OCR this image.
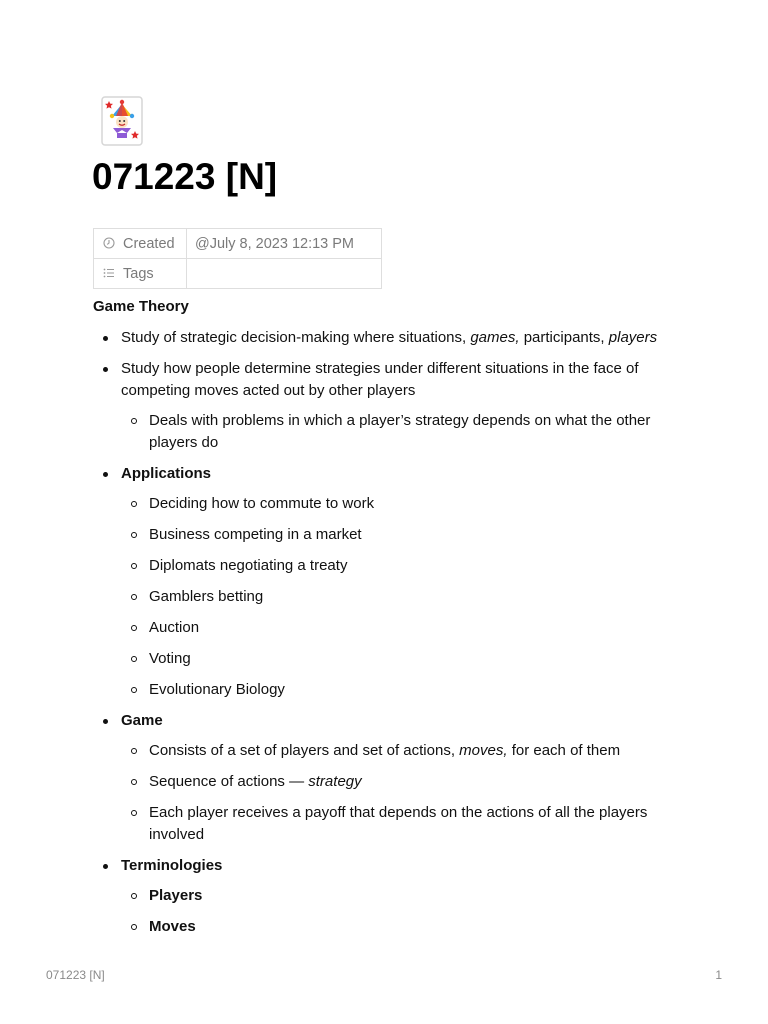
071223 [N]
Created	@July 8, 2023 12:13 PM
Tags	
Game Theory
Study of strategic decision-making where situations, games, participants, players
Study how people determine strategies under different situations in the face of competing moves acted out by other players
Deals with problems in which a player’s strategy depends on what the other players do
Applications
Deciding how to commute to work
Business competing in a market
Diplomats negotiating a treaty
Gamblers betting
Auction
Voting
Evolutionary Biology
Game
Consists of a set of players and set of actions, moves, for each of them
Sequence of actions — strategy
Each player receives a payoff that depends on the actions of all the players involved
Terminologies
Players
Moves
071223 [N]	1
